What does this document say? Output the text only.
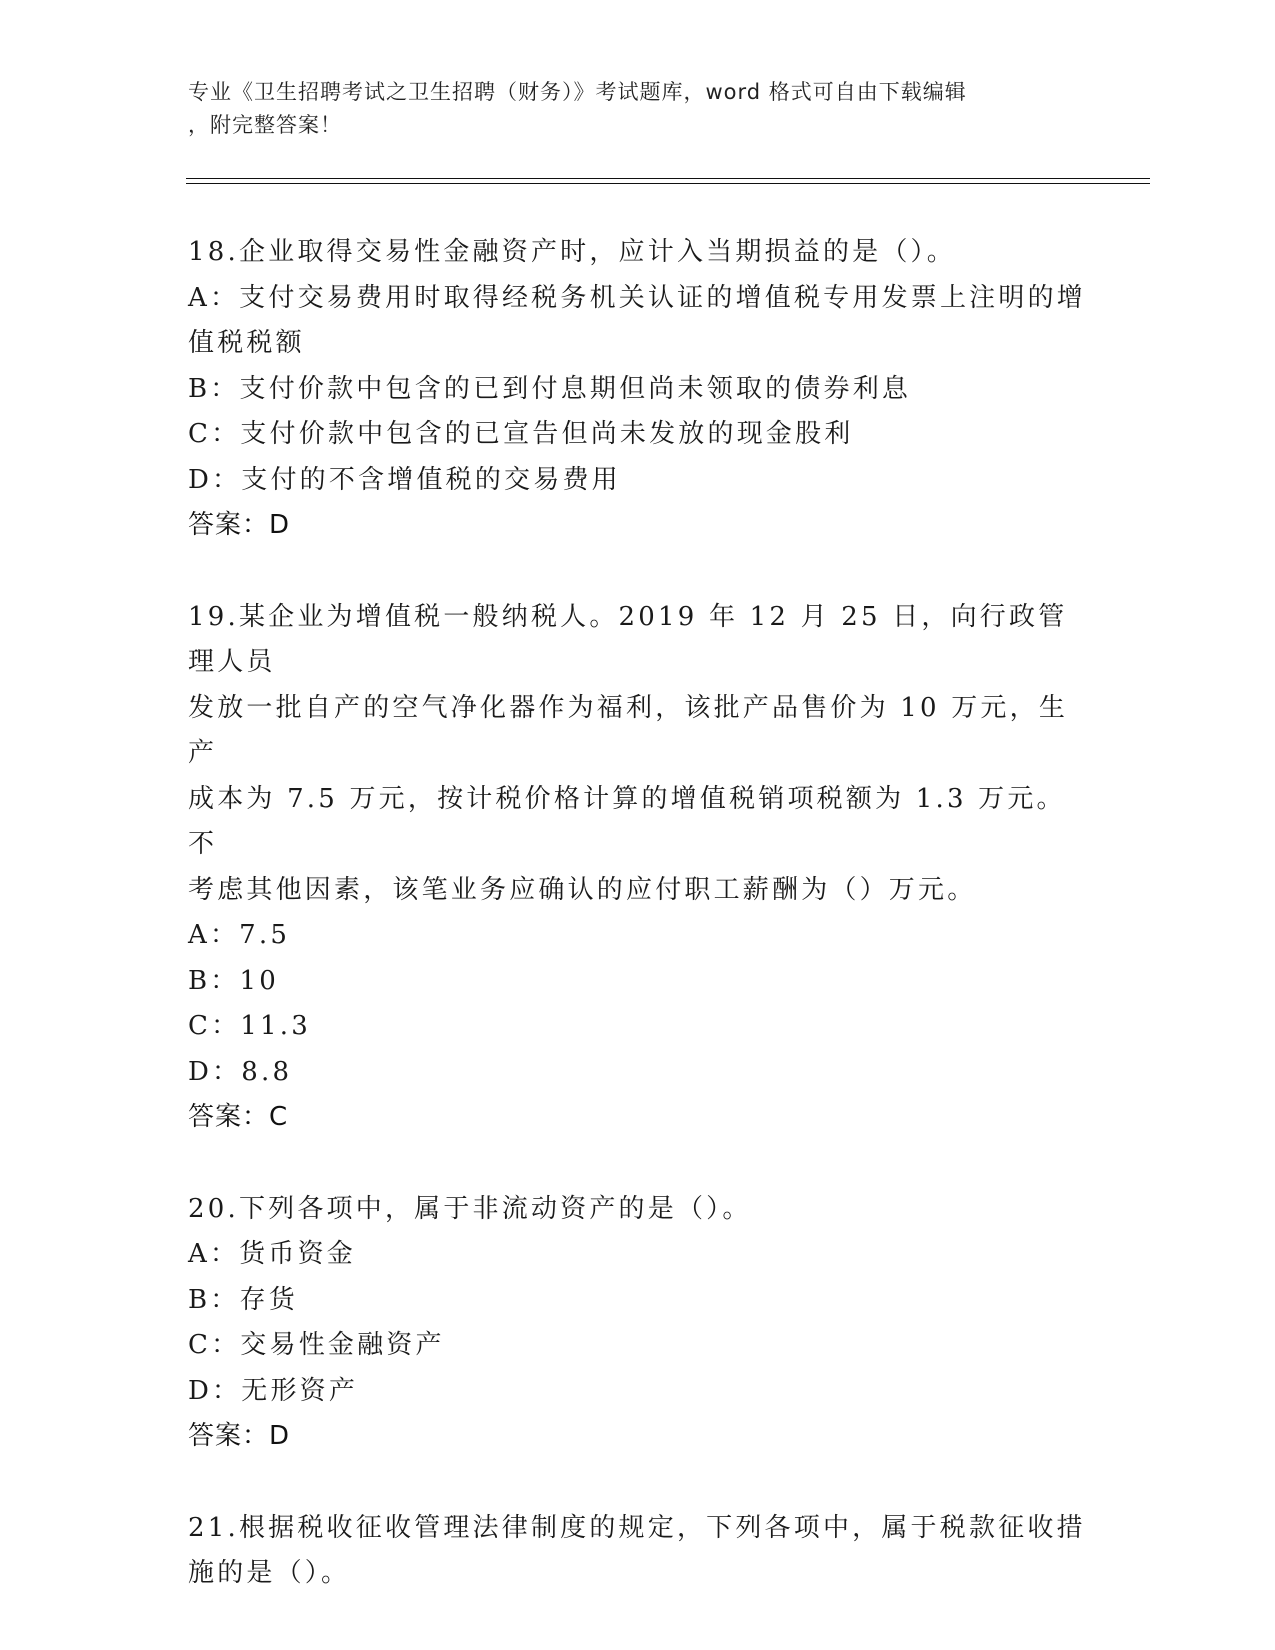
专业《卫生招聘考试之卫生招聘（财务）》考试题库，word 格式可自由下载编辑
，附完整答案！
18.企业取得交易性金融资产时，应计入当期损益的是（）。
A：支付交易费用时取得经税务机关认证的增值税专用发票上注明的增
值税税额
B：支付价款中包含的已到付息期但尚未领取的债券利息
C：支付价款中包含的已宣告但尚未发放的现金股利
D：支付的不含增值税的交易费用
答案：D
19.某企业为增值税一般纳税人。2019 年 12 月 25 日，向行政管理人员
发放一批自产的空气净化器作为福利，该批产品售价为 10 万元，生产
成本为 7.5 万元，按计税价格计算的增值税销项税额为 1.3 万元。不
考虑其他因素，该笔业务应确认的应付职工薪酬为（）万元。
A：7.5
B：10
C：11.3
D：8.8
答案：C
20.下列各项中，属于非流动资产的是（）。
A：货币资金
B：存货
C：交易性金融资产
D：无形资产
答案：D
21.根据税收征收管理法律制度的规定，下列各项中，属于税款征收措
施的是（）。
